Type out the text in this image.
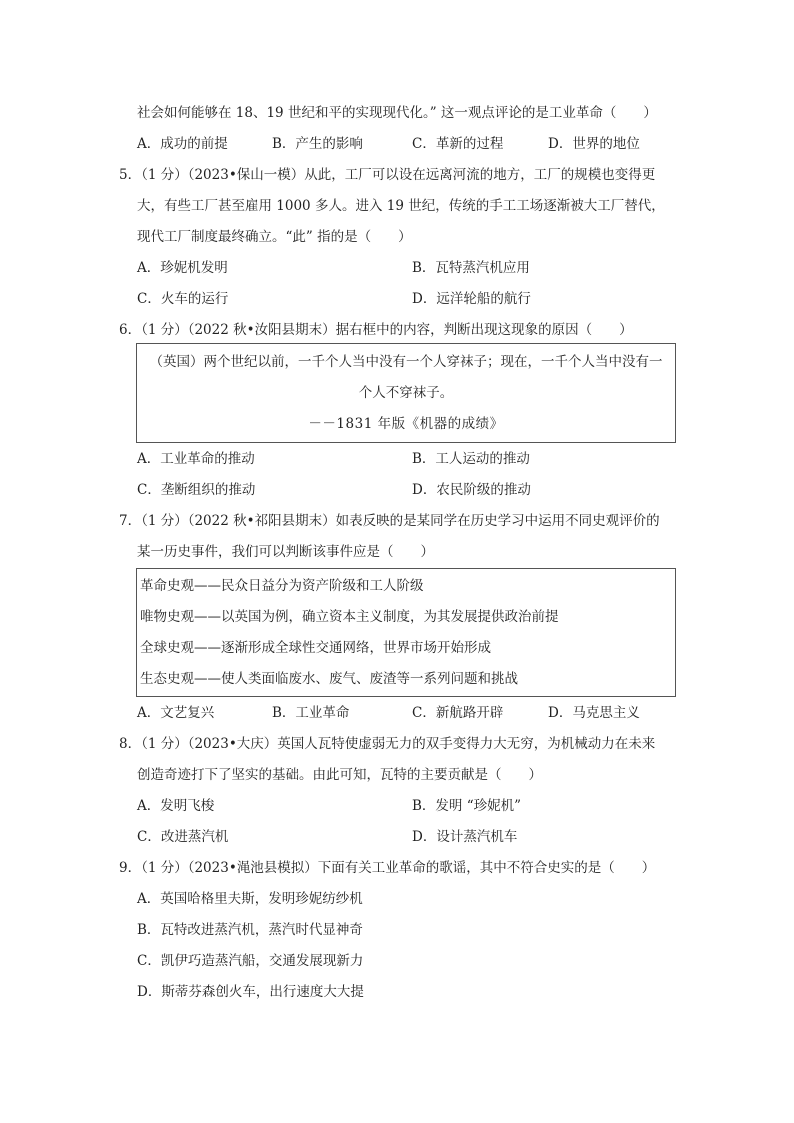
社会如何能够在 18、19 世纪和平的实现现代化。” 这一观点评论的是工业革命（　　）
A．成功的前提	B．产生的影响	C．革新的过程	D．世界的地位
5．（1 分）（2023•保山一模）从此，工厂可以设在远离河流的地方，工厂的规模也变得更
大，有些工厂甚至雇用 1000 多人。进入 19 世纪，传统的手工工场逐渐被大工厂替代，
现代工厂制度最终确立。“此” 指的是（　　）
A．珍妮机发明	B．瓦特蒸汽机应用
C．火车的运行	D．远洋轮船的航行
6．（1 分）（2022 秋•汝阳县期末）据右框中的内容，判断出现这现象的原因（　　）
（英国）两个世纪以前，一千个人当中没有一个人穿袜子；现在，一千个人当中没有一
个人不穿袜子。
－－1831 年版《机器的成绩》
A．工业革命的推动	B．工人运动的推动
C．垄断组织的推动	D．农民阶级的推动
7．（1 分）（2022 秋•祁阳县期末）如表反映的是某同学在历史学习中运用不同史观评价的
某一历史事件，我们可以判断该事件应是（　　）
革命史观——民众日益分为资产阶级和工人阶级
唯物史观——以英国为例，确立资本主义制度，为其发展提供政治前提
全球史观——逐渐形成全球性交通网络，世界市场开始形成
生态史观——使人类面临废水、废气、废渣等一系列问题和挑战
A．文艺复兴	B．工业革命	C．新航路开辟	D．马克思主义
8．（1 分）（2023•大庆）英国人瓦特使虚弱无力的双手变得力大无穷，为机械动力在未来
创造奇迹打下了坚实的基础。由此可知，瓦特的主要贡献是（　　）
A．发明飞梭	B．发明 “珍妮机”
C．改进蒸汽机	D．设计蒸汽机车
9．（1 分）（2023•渑池县模拟）下面有关工业革命的歌谣，其中不符合史实的是（　　）
A．英国哈格里夫斯，发明珍妮纺纱机
B．瓦特改进蒸汽机，蒸汽时代显神奇
C．凯伊巧造蒸汽船，交通发展现新力
D．斯蒂芬森创火车，出行速度大大提
